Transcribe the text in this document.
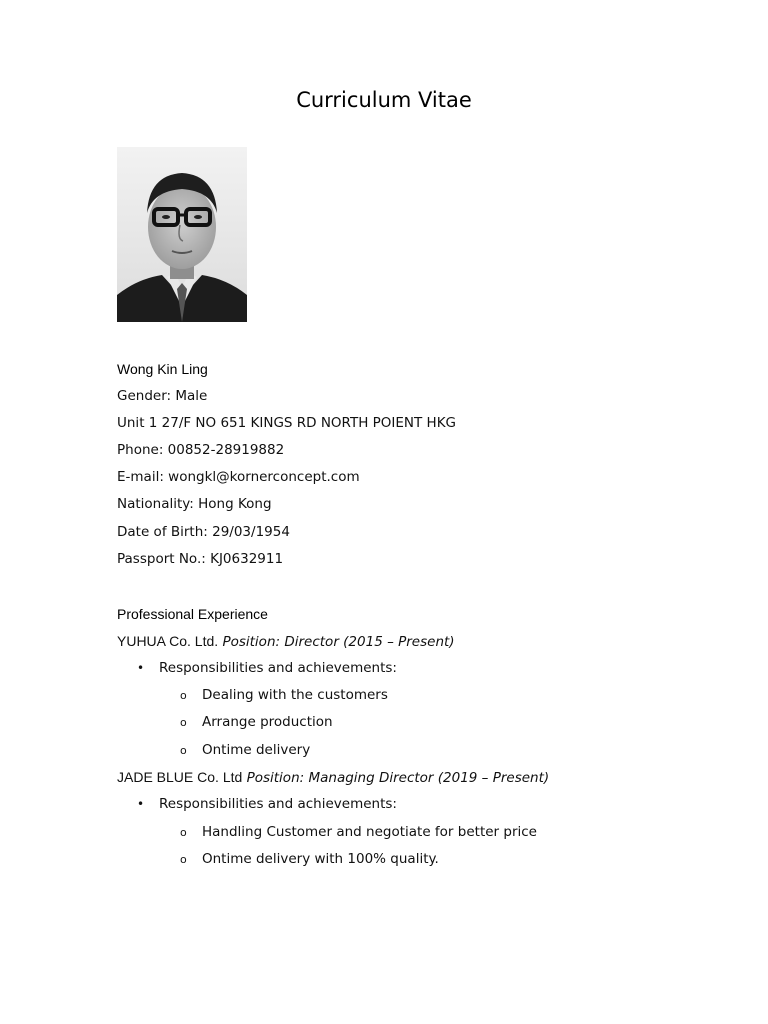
Curriculum Vitae
Wong Kin Ling
Gender: Male
Unit 1 27/F NO 651 KINGS RD NORTH POIENT HKG
Phone: 00852-28919882
E-mail: wongkl@kornerconcept.com
Nationality: Hong Kong
Date of Birth: 29/03/1954
Passport No.: KJ0632911
Professional Experience
YUHUA Co. Ltd. Position: Director (2015 – Present)
• Responsibilities and achievements:
o Dealing with the customers
o Arrange production
o Ontime delivery
JADE BLUE Co. Ltd Position: Managing Director (2019 – Present)
• Responsibilities and achievements:
o Handling Customer and negotiate for better price
o Ontime delivery with 100% quality.
